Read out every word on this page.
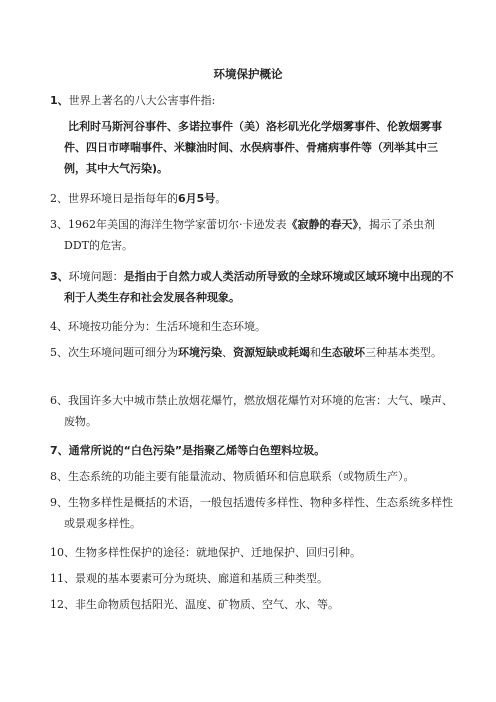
环境保护概论
1、世界上著名的八大公害事件指:
比利时马斯河谷事件、多诺拉事件（美）洛杉矶光化学烟雾事件、伦敦烟雾事件、四日市哮喘事件、米糠油时间、水俣病事件、骨痛病事件等（列举其中三例，其中大气污染)。
2、世界环境日是指每年的6月5号。
3、1962年美国的海洋生物学家蕾切尔·卡逊发表《寂静的春天》，揭示了杀虫剂DDT的危害。
3、环境问题：是指由于自然力或人类活动所导致的全球环境或区域环境中出现的不利于人类生存和社会发展各种现象。
4、环境按功能分为：生活环境和生态环境。
5、次生环境问题可细分为环境污染、资源短缺或耗竭和生态破坏三种基本类型。
6、我国许多大中城市禁止放烟花爆竹，燃放烟花爆竹对环境的危害：大气、噪声、废物。
7、通常所说的“白色污染”是指聚乙烯等白色塑料垃圾。
8、生态系统的功能主要有能量流动、物质循环和信息联系（或物质生产）。
9、生物多样性是概括的术语，一般包括遗传多样性、物种多样性、生态系统多样性或景观多样性。
10、生物多样性保护的途径：就地保护、迁地保护、回归引种。
11、景观的基本要素可分为斑块、廊道和基质三种类型。
12、非生命物质包括阳光、温度、矿物质、空气、水、等。
